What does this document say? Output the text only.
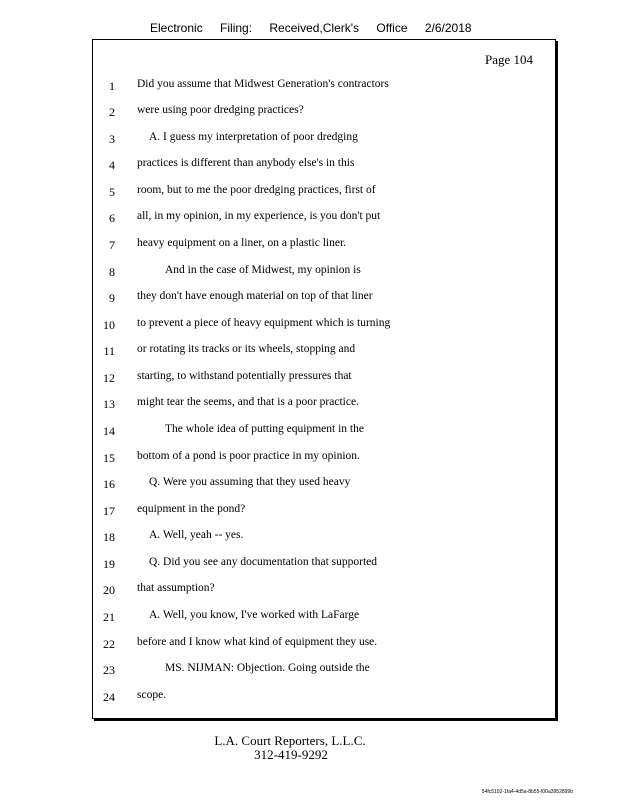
Electronic Filing: Received,Clerk's Office 2/6/2018
Page 104
1 Did you assume that Midwest Generation's contractors
2 were using poor dredging practices?
3	A. I guess my interpretation of poor dredging
4 practices is different than anybody else's in this
5 room, but to me the poor dredging practices, first of
6 all, in my opinion, in my experience, is you don't put
7 heavy equipment on a liner, on a plastic liner.
8	And in the case of Midwest, my opinion is
9 they don't have enough material on top of that liner
10 to prevent a piece of heavy equipment which is turning
11 or rotating its tracks or its wheels, stopping and
12 starting, to withstand potentially pressures that
13 might tear the seems, and that is a poor practice.
14	The whole idea of putting equipment in the
15 bottom of a pond is poor practice in my opinion.
16	Q. Were you assuming that they used heavy
17 equipment in the pond?
18	A. Well, yeah -- yes.
19	Q. Did you see any documentation that supported
20 that assumption?
21	A. Well, you know, I've worked with LaFarge
22 before and I know what kind of equipment they use.
23	MS. NIJMAN: Objection. Going outside the
24 scope.
L.A. Court Reporters, L.L.C.
312-419-9292
54fc5102-1fa4-4d5a-8b55-f00a3952899b
